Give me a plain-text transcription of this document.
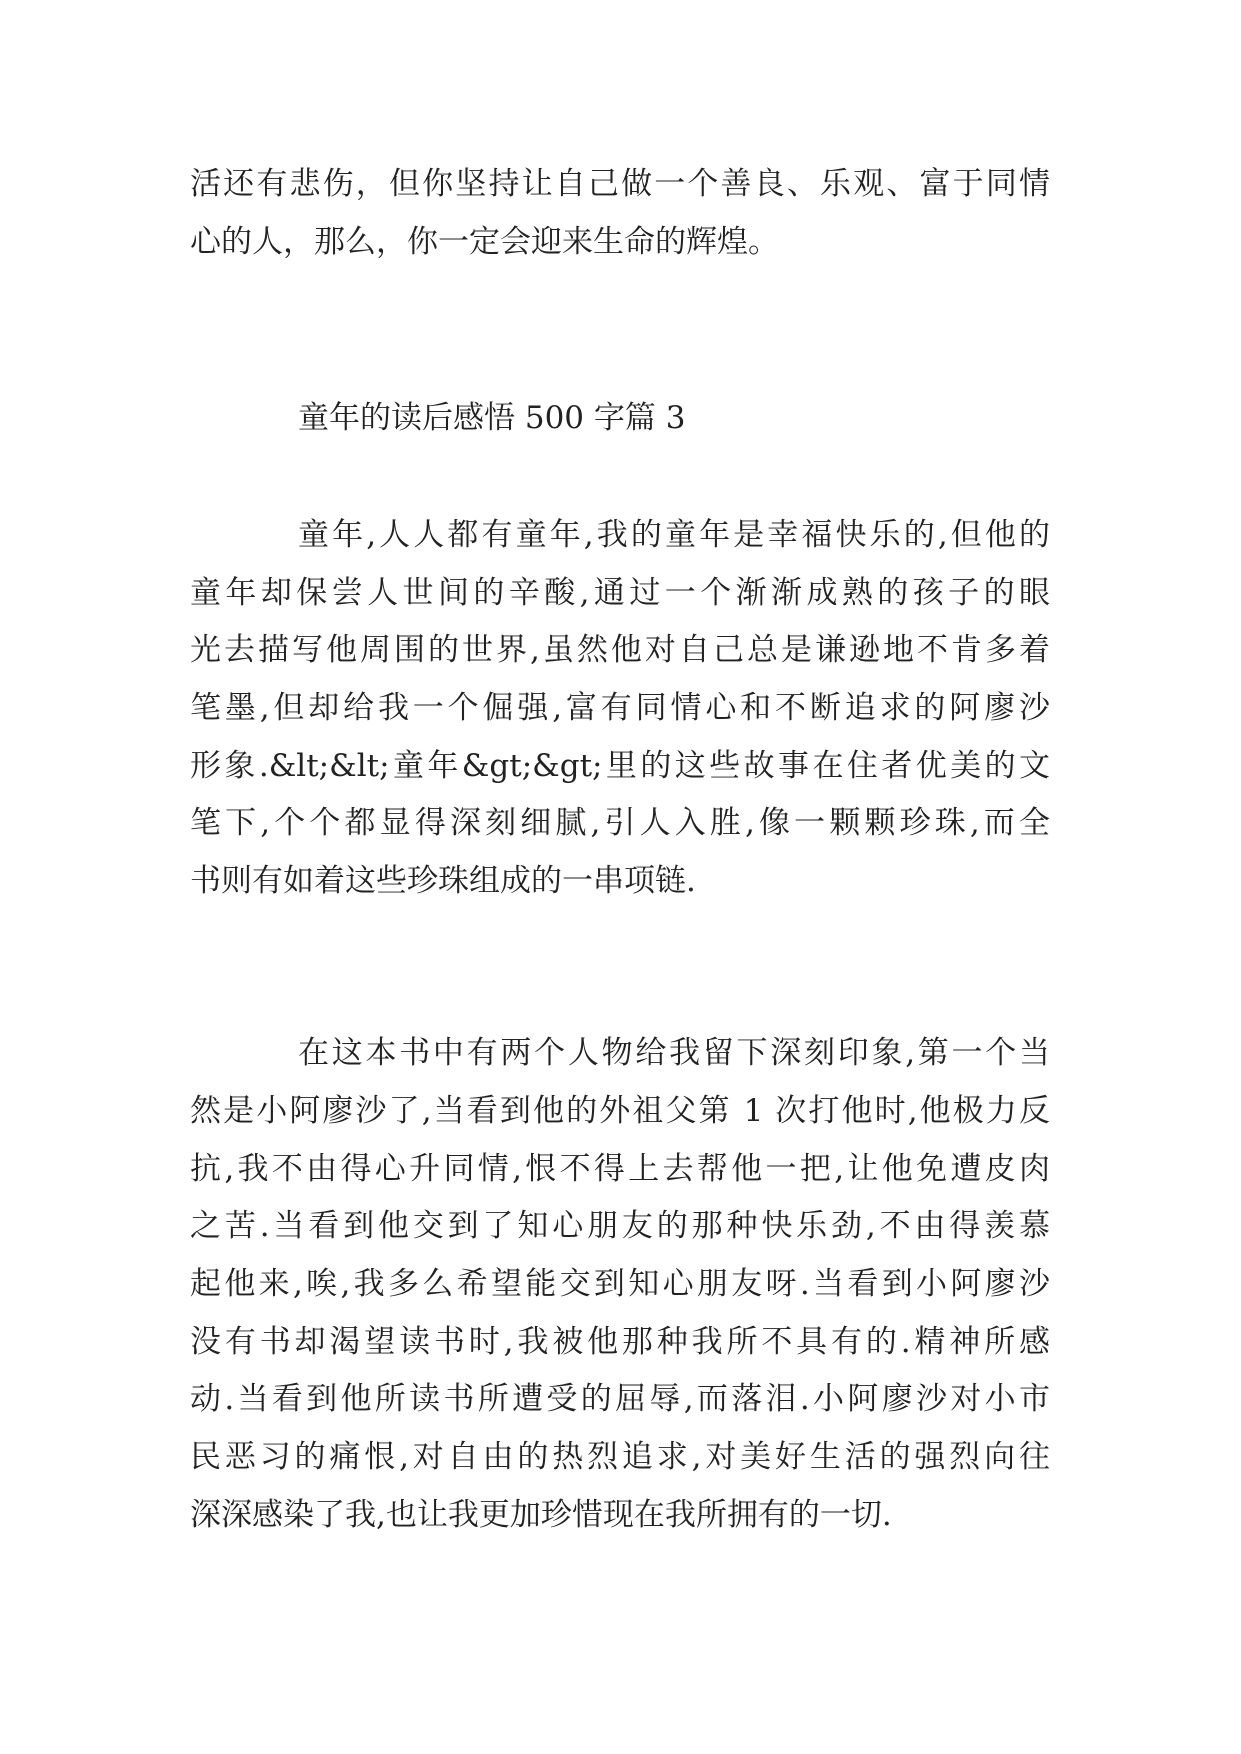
活还有悲伤，但你坚持让自己做一个善良、乐观、富于同情
心的人，那么，你一定会迎来生命的辉煌。
童年的读后感悟 500 字篇 3
童年,人人都有童年,我的童年是幸福快乐的,但他的
童年却保尝人世间的辛酸,通过一个渐渐成熟的孩子的眼
光去描写他周围的世界,虽然他对自己总是谦逊地不肯多着
笔墨,但却给我一个倔强,富有同情心和不断追求的阿廖沙
形象.&lt;&lt;童年&gt;&gt;里的这些故事在住者优美的文
笔下,个个都显得深刻细腻,引人入胜,像一颗颗珍珠,而全
书则有如着这些珍珠组成的一串项链.
在这本书中有两个人物给我留下深刻印象,第一个当
然是小阿廖沙了,当看到他的外祖父第 1 次打他时,他极力反
抗,我不由得心升同情,恨不得上去帮他一把,让他免遭皮肉
之苦.当看到他交到了知心朋友的那种快乐劲,不由得羡慕
起他来,唉,我多么希望能交到知心朋友呀.当看到小阿廖沙
没有书却渴望读书时,我被他那种我所不具有的.精神所感
动.当看到他所读书所遭受的屈辱,而落泪.小阿廖沙对小市
民恶习的痛恨,对自由的热烈追求,对美好生活的强烈向往
深深感染了我,也让我更加珍惜现在我所拥有的一切.
